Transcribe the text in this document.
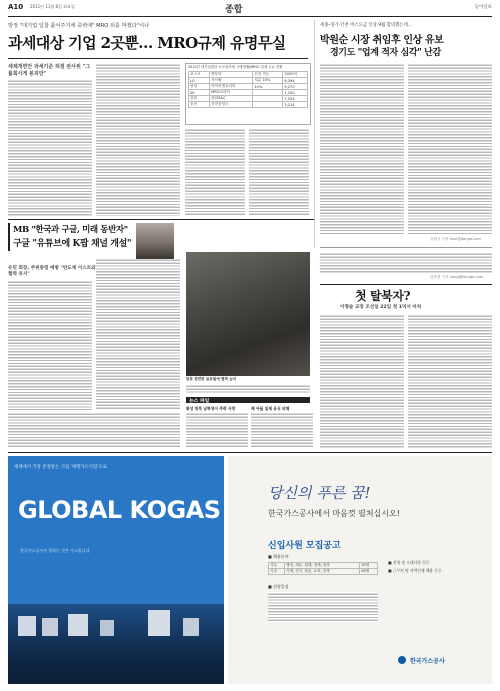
A10 2011년 11월 8일 화요일	종합	동아일보
방정 "대기업 입찰 품어주기에 중벽에" MRO 뒤를 막겠다"이나
과세대상 기업 2곳뿐… MRO규제 유명무실
세제개편안 과세기준 허점 판사위 "그룹회사게 붕괴만"
2010년 대기업집단 소모성자재 구매대행(MRO) 업체 주요 현황
포스코	엔투비	신설 가능	2000억
LG	서브원	지분 10%	8,394
삼성	아이마켓코리아	10%	9,270
SK	MRO코리아		1,200
한화	한화S&C		7,254
웅진	웅진홀딩스		3,214
세종-경기-인천 버스요금 인상 9월 합의했는데…
박원순 시장 취임후 인상 유보
경기도 "업계 적자 심각" 난감
김원국 기자 ivan@donga.com
MB "한국과 구글, 미래 동반자"
구글 "유튜브에 K팝 채널 개설"
슈밋 회장, 주위통령 예방 "반도체 이스트와 협력 유지"
한류 관련한 글로벌에 협력 논의
뉴스 파일
화성 방북 남학생이 추락 사망	배 아들 일제 공식 피해
김종형 기자 yjong@donga.com
첫 탈북자?
이형술 교장 조선일 22일 첫 1억서 마처
세계에서 가장 존경받는 기업 '세계가스기업'으로
GLOBAL KOGAS
한국가스공사가 일하는 것은 가스입니다
당신의 푸른 꿈!
한국가스공사에서 마음껏 펼쳐십시오!
신입사원 모집공고
■ 채용분야
사무	행정, 재무, 회계, 경제, 법학	30명
기술	기계, 전기, 화공, 토목, 건축	00명
■ 전형일정
■ 전형 및 우대사항 등등
■ 근무처 및 지역인재 채용 등등
한국가스공사
